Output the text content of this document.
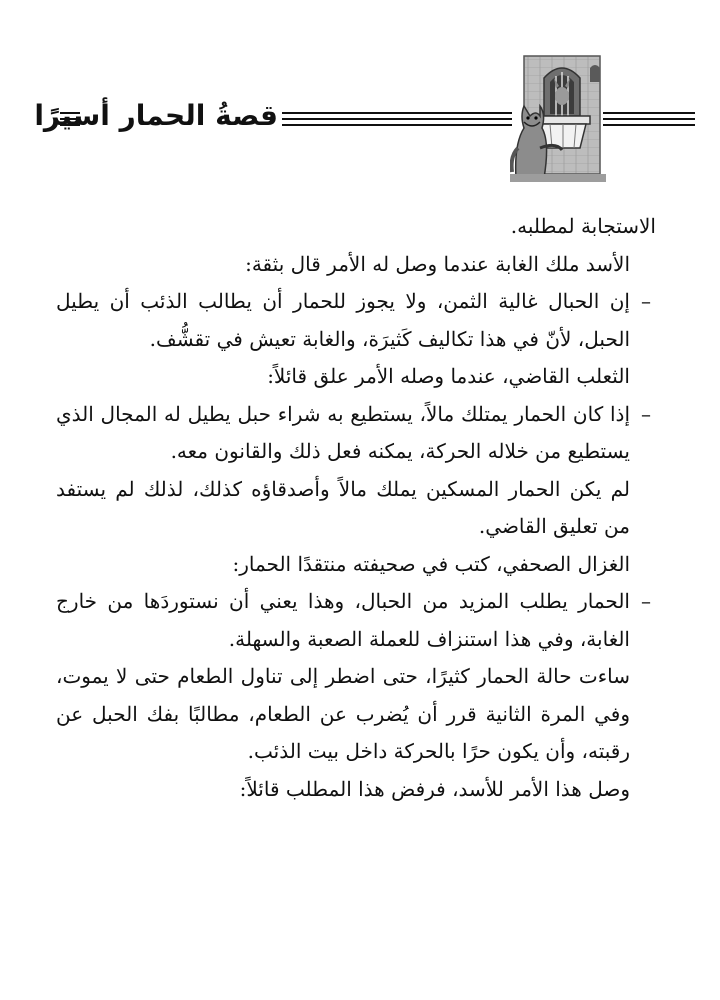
قصةُ الحمار أسيرًا

الاستجابة لمطلبه.

الأسد ملك الغابة عندما وصل له الأمر قال بثقة:

–
إن الحبال غالية الثمن، ولا يجوز للحمار أن يطالب الذئب أن يطيل الحبل، لأنّ في هذا تكاليف كَثيرَة، والغابة تعيش في تقشُّف.

الثعلب القاضي، عندما وصله الأمر علق قائلاً:

–
إذا كان الحمار يمتلك مالاً، يستطيع به شراء حبل يطيل له المجال الذي يستطيع من خلاله الحركة، يمكنه فعل ذلك والقانون معه.

لم يكن الحمار المسكين يملك مالاً وأصدقاؤه كذلك، لذلك لم يستفد من تعليق القاضي.

الغزال الصحفي، كتب في صحيفته منتقدًا الحمار:

–
الحمار يطلب المزيد من الحبال، وهذا يعني أن نستوردَها من خارج الغابة، وفي هذا استنزاف للعملة الصعبة والسهلة.

ساءت حالة الحمار كثيرًا، حتى اضطر إلى تناول الطعام حتى لا يموت، وفي المرة الثانية قرر أن يُضرب عن الطعام، مطالبًا بفك الحبل عن رقبته، وأن يكون حرًا بالحركة داخل بيت الذئب.

وصل هذا الأمر للأسد، فرفض هذا المطلب قائلاً:
